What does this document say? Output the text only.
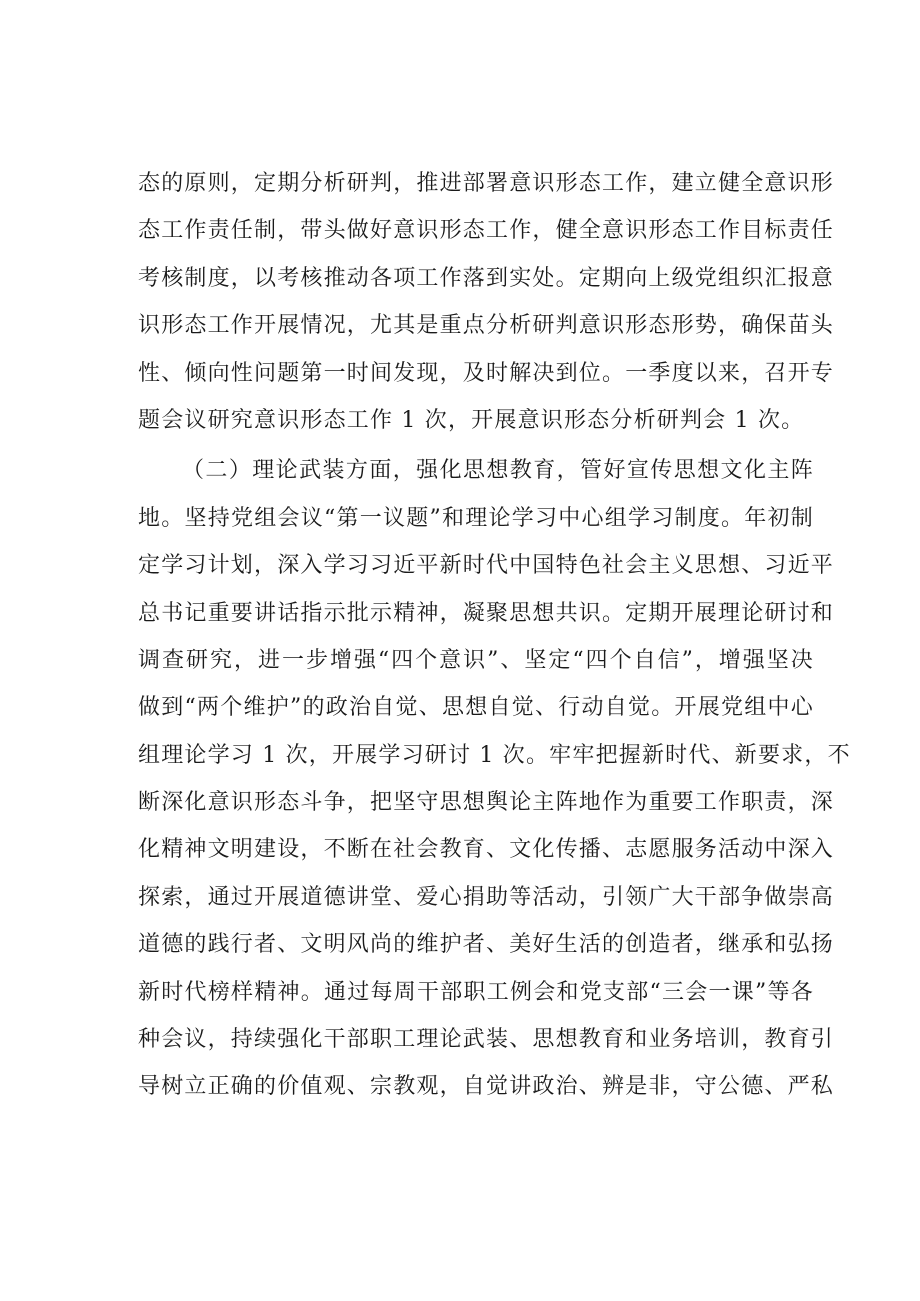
态的原则，定期分析研判，推进部署意识形态工作，建立健全意识形
态工作责任制，带头做好意识形态工作，健全意识形态工作目标责任
考核制度，以考核推动各项工作落到实处。定期向上级党组织汇报意
识形态工作开展情况，尤其是重点分析研判意识形态形势，确保苗头
性、倾向性问题第一时间发现，及时解决到位。一季度以来，召开专
题会议研究意识形态工作 1 次，开展意识形态分析研判会 1 次。
（二）理论武装方面，强化思想教育，管好宣传思想文化主阵
地。坚持党组会议“第一议题”和理论学习中心组学习制度。年初制
定学习计划，深入学习习近平新时代中国特色社会主义思想、习近平
总书记重要讲话指示批示精神，凝聚思想共识。定期开展理论研讨和
调查研究，进一步增强“四个意识”、坚定“四个自信”，增强坚决
做到“两个维护”的政治自觉、思想自觉、行动自觉。开展党组中心
组理论学习 1 次，开展学习研讨 1 次。牢牢把握新时代、新要求，不
断深化意识形态斗争，把坚守思想舆论主阵地作为重要工作职责，深
化精神文明建设，不断在社会教育、文化传播、志愿服务活动中深入
探索，通过开展道德讲堂、爱心捐助等活动，引领广大干部争做崇高
道德的践行者、文明风尚的维护者、美好生活的创造者，继承和弘扬
新时代榜样精神。通过每周干部职工例会和党支部“三会一课”等各
种会议，持续强化干部职工理论武装、思想教育和业务培训，教育引
导树立正确的价值观、宗教观，自觉讲政治、辨是非，守公德、严私
